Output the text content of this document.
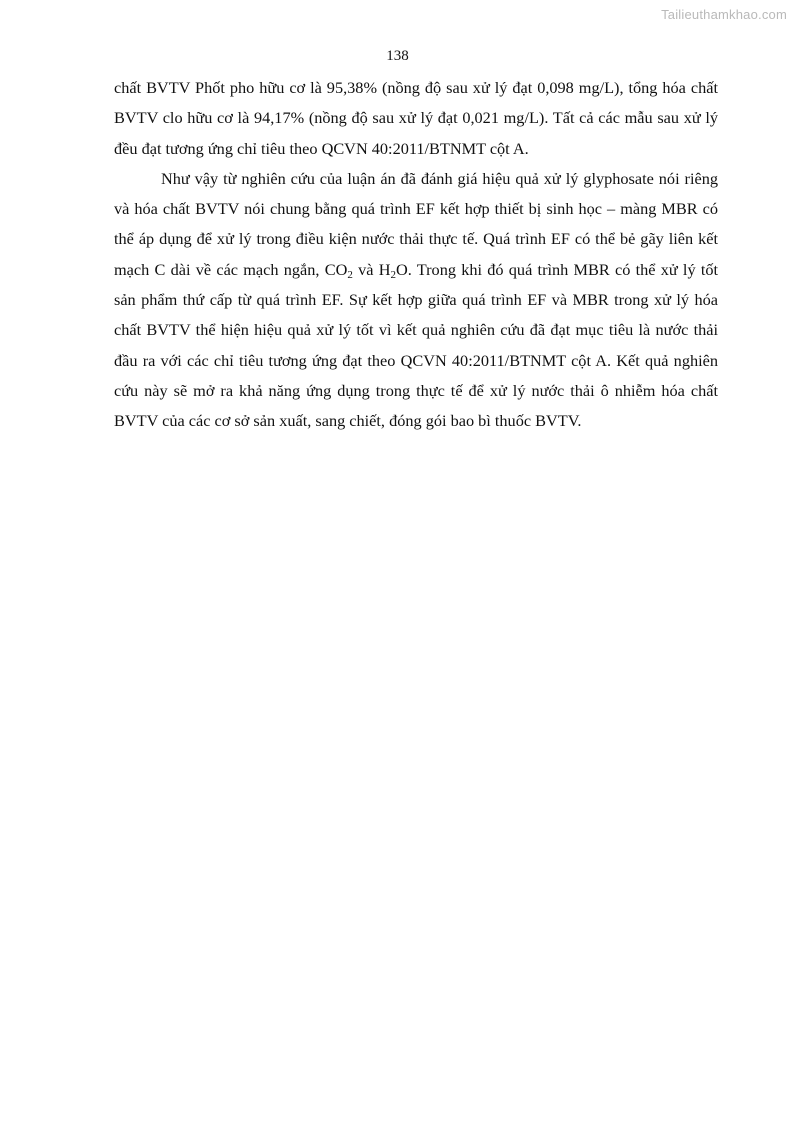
Tailieuthamkhao.com
138

chất BVTV Phốt pho hữu cơ là 95,38% (nồng độ sau xử lý đạt 0,098 mg/L), tổng hóa chất BVTV clo hữu cơ là 94,17% (nồng độ sau xử lý đạt 0,021 mg/L). Tất cả các mẫu sau xử lý đều đạt tương ứng chỉ tiêu theo QCVN 40:2011/BTNMT cột A.

Như vậy từ nghiên cứu của luận án đã đánh giá hiệu quả xử lý glyphosate nói riêng và hóa chất BVTV nói chung bằng quá trình EF kết hợp thiết bị sinh học – màng MBR có thể áp dụng để xử lý trong điều kiện nước thải thực tế. Quá trình EF có thể bẻ gãy liên kết mạch C dài về các mạch ngắn, $CO_2$ và $H_2O$. Trong khi đó quá trình MBR có thể xử lý tốt sản phẩm thứ cấp từ quá trình EF. Sự kết hợp giữa quá trình EF và MBR trong xử lý hóa chất BVTV thể hiện hiệu quả xử lý tốt vì kết quả nghiên cứu đã đạt mục tiêu là nước thải đầu ra với các chỉ tiêu tương ứng đạt theo QCVN 40:2011/BTNMT cột A. Kết quả nghiên cứu này sẽ mở ra khả năng ứng dụng trong thực tế để xử lý nước thải ô nhiễm hóa chất BVTV của các cơ sở sản xuất, sang chiết, đóng gói bao bì thuốc BVTV.
